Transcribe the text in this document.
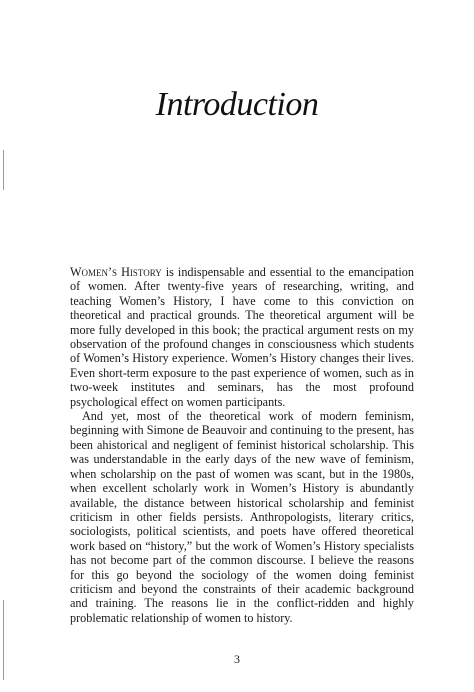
Introduction

Women’s History is indispensable and essential to the emancipation of women. After twenty-five years of researching, writing, and teaching Women’s History, I have come to this conviction on theoretical and practical grounds. The theoretical argument will be more fully developed in this book; the practical argument rests on my observation of the profound changes in consciousness which students of Women’s History experience. Women’s History changes their lives. Even short-term exposure to the past experience of women, such as in two-week institutes and seminars, has the most profound psychological effect on women participants.

And yet, most of the theoretical work of modern feminism, beginning with Simone de Beauvoir and continuing to the present, has been ahistorical and negligent of feminist historical scholarship. This was understandable in the early days of the new wave of feminism, when scholarship on the past of women was scant, but in the 1980s, when excellent scholarly work in Women’s History is abundantly available, the distance between historical scholarship and feminist criticism in other fields persists. Anthropologists, literary critics, sociologists, political scientists, and poets have offered theoretical work based on “history,” but the work of Women’s History specialists has not become part of the common discourse. I believe the reasons for this go beyond the sociology of the women doing feminist criticism and beyond the constraints of their academic background and training. The reasons lie in the conflict-ridden and highly problematic relationship of women to history.

3
